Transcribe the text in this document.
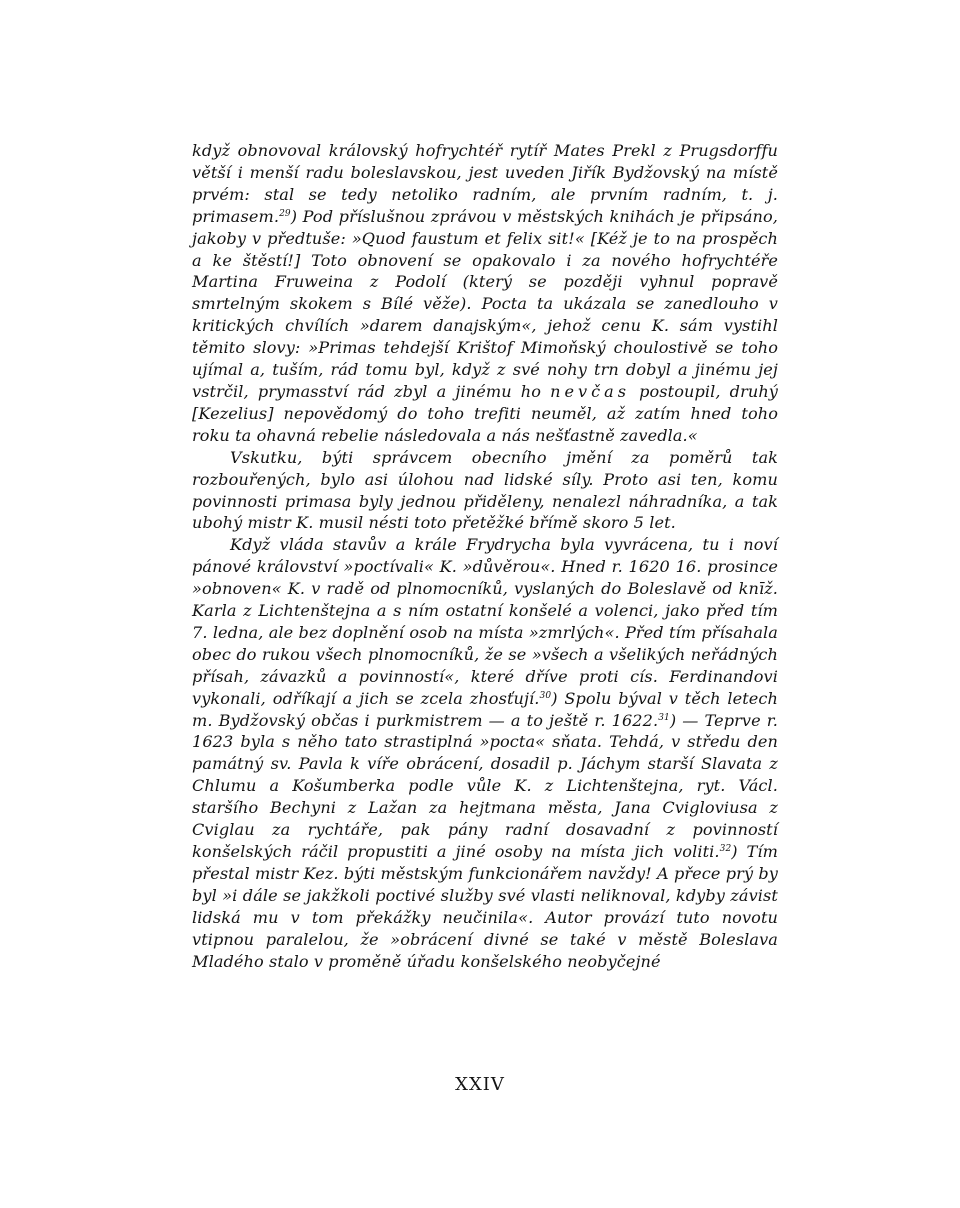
když obnovoval královský hofrychtéř rytíř Mates Prekl z Prugsdorffu větší i menší radu boleslavskou, jest uveden Jiřík Bydžovský na místě prvém: stal se tedy netoliko radním, ale prvním radním, t. j. primasem.$^{29}$) Pod příslušnou zprávou v městských knihách je připsáno, jakoby v předtuše: »Quod faustum et felix sit!« [Kéž je to na prospěch a ke štěstí!] Toto obnovení se opakovalo i za nového hofrychtéře Martina Fruweina z Podolí (který se později vyhnul popravě smrtelným skokem s Bílé věže). Pocta ta ukázala se zanedlouho v kritických chvílích »darem danajským«, jehož cenu K. sám vystihl těmito slovy: »Primas tehdejší Krištof Mimoňský choulostivě se toho ujímal a, tuším, rád tomu byl, když z své nohy trn dobyl a jinému jej vstrčil, prymasství rád zbyl a jinému ho nevčas postoupil, druhý [Kezelius] nepovědomý do toho trefiti neuměl, až zatím hned toho roku ta ohavná rebelie následovala a nás nešťastně zavedla.«

Vskutku, býti správcem obecního jmění za poměrů tak rozbouřených, bylo asi úlohou nad lidské síly. Proto asi ten, komu povinnosti primasa byly jednou přiděleny, nenalezl náhradníka, a tak ubohý mistr K. musil nésti toto přetěžké břímě skoro 5 let.

Když vláda stavův a krále Frydrycha byla vyvrácena, tu i noví pánové království »poctívali« K. »důvěrou«. Hned r. 1620 16. prosince »obnoven« K. v radě od plnomocníků, vyslaných do Boleslavě od knīž. Karla z Lichtenštejna a s ním ostatní konšelé a volenci, jako před tím 7. ledna, ale bez doplnění osob na místa »zmrlých«. Před tím přísahala obec do rukou všech plnomocníků, že se »všech a všelikých neřádných přísah, závazků a povinností«, které dříve proti cís. Ferdinandovi vykonali, odříkají a jich se zcela zhosťují.$^{30}$) Spolu býval v těch letech m. Bydžovský občas i purkmistrem — a to ještě r. 1622.31) — Teprve r. 1623 byla s něho tato strastiplná »pocta« sňata. Tehdá, v středu den památný sv. Pavla k víře obrácení, dosadil p. Jáchym starší Slavata z Chlumu a Košumberka podle vůle K. z Lichtenštejna, ryt. Václ. staršího Bechyni z Lažan za hejtmana města, Jana Cvigloviusa z Cviglau za rychtáře, pak pány radní dosavadní z povinností konšelských ráčil propustiti a jiné osoby na místa jich voliti.$^{32}$) Tím přestal mistr Kez. býti městským funkcionářem navždy! A přece prý by byl »i dále se jakžkoli poctivé služby své vlasti neliknoval, kdyby závist lidská mu v tom překážky neučinila«. Autor provází tuto novotu vtipnou paralelou, že »obrácení divné se také v městě Boleslava Mladého stalo v proměně úřadu konšelského neobyčejné

XXIV
